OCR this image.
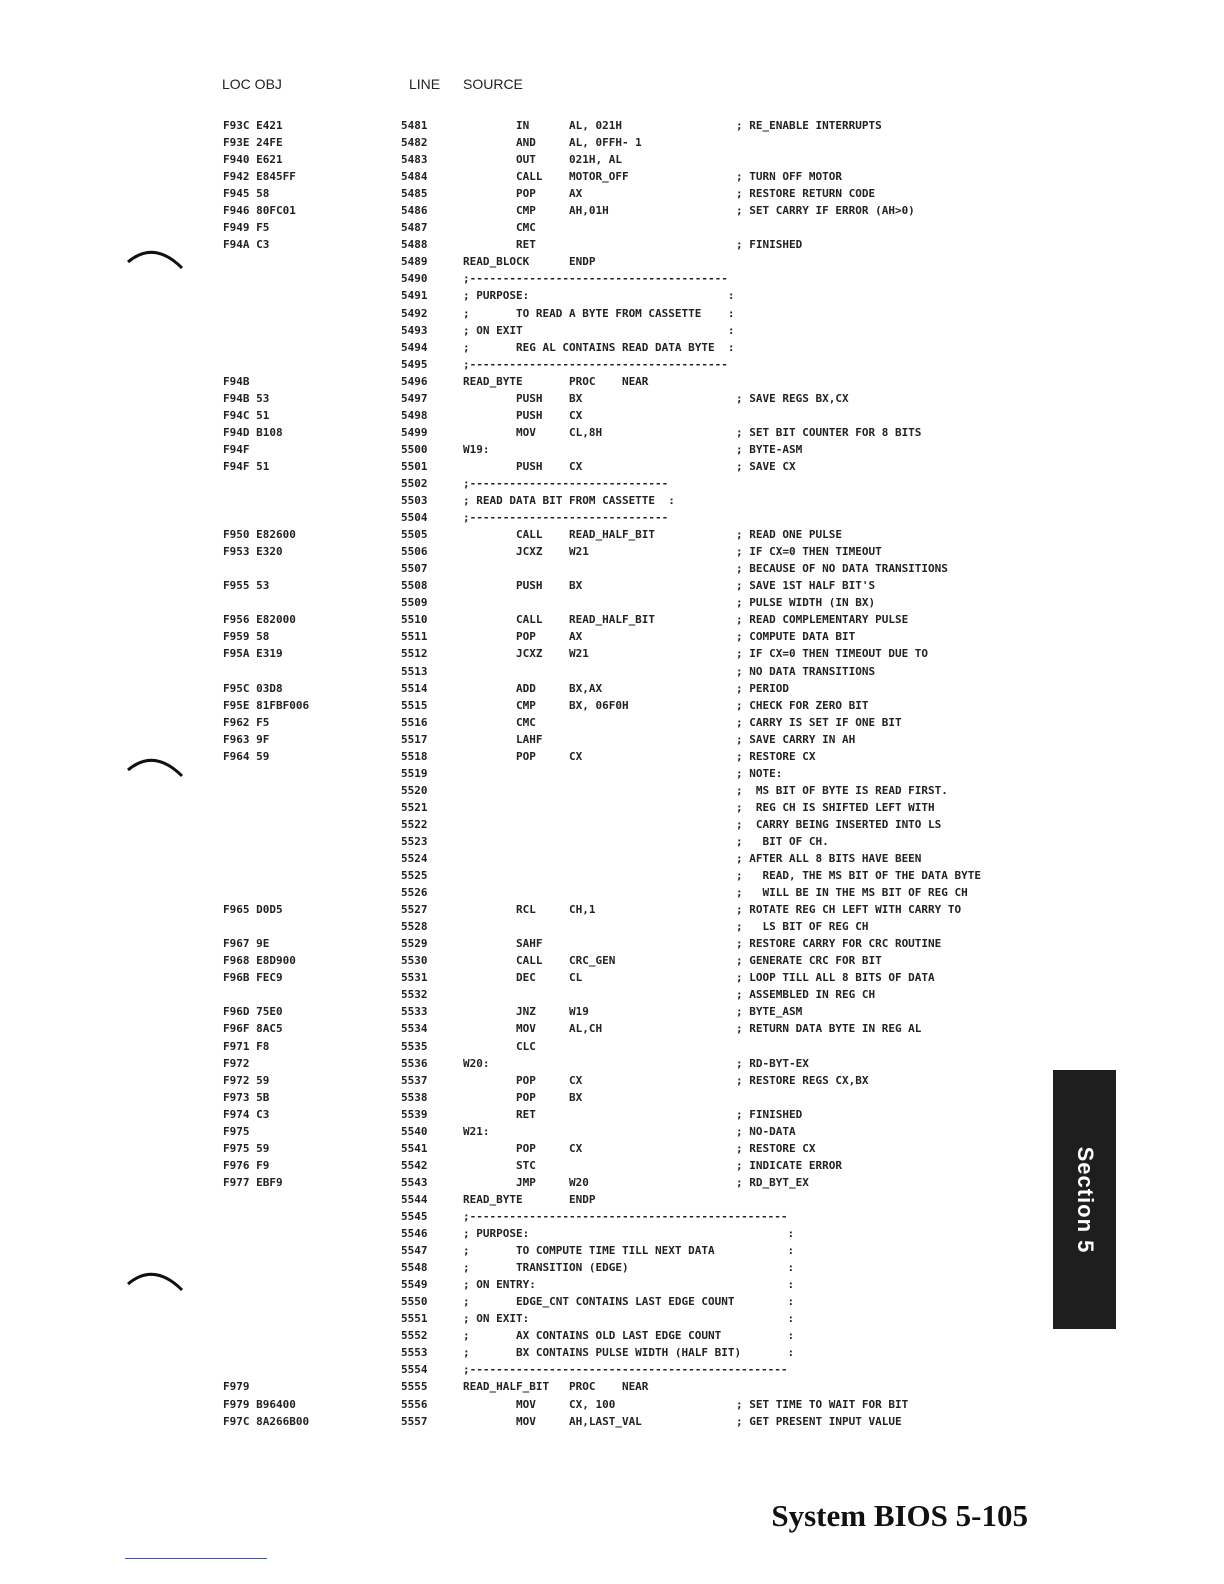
LOC OBJ	LINE SOURCE
F93C E421	5481	IN      AL, 021H	; RE_ENABLE INTERRUPTS
F93E 24FE	5482	AND     AL, 0FFH- 1
F940 E621	5483	OUT     021H, AL
F942 E845FF	5484	CALL    MOTOR_OFF	; TURN OFF MOTOR
F945 58	5485	POP     AX	; RESTORE RETURN CODE
F946 80FC01	5486	CMP     AH,01H	; SET CARRY IF ERROR (AH>0)
F949 F5	5487	CMC
F94A C3	5488	RET	; FINISHED
5489	READ_BLOCK      ENDP
5490	;---------------------------------------
5491	; PURPOSE:                              :
5492	;       TO READ A BYTE FROM CASSETTE    :
5493	; ON EXIT                               :
5494	;       REG AL CONTAINS READ DATA BYTE  :
5495	;---------------------------------------
F94B	5496	READ_BYTE       PROC    NEAR
F94B 53	5497	PUSH    BX	; SAVE REGS BX,CX
F94C 51	5498	PUSH    CX
F94D B108	5499	MOV     CL,8H	; SET BIT COUNTER FOR 8 BITS
F94F	5500	W19:	; BYTE-ASM
F94F 51	5501	PUSH    CX	; SAVE CX
5502	;------------------------------
5503	; READ DATA BIT FROM CASSETTE  :
5504	;------------------------------
F950 E82600	5505	CALL    READ_HALF_BIT	; READ ONE PULSE
F953 E320	5506	JCXZ    W21	; IF CX=0 THEN TIMEOUT
5507	; BECAUSE OF NO DATA TRANSITIONS
F955 53	5508	PUSH    BX	; SAVE 1ST HALF BIT'S
5509	; PULSE WIDTH (IN BX)
F956 E82000	5510	CALL    READ_HALF_BIT	; READ COMPLEMENTARY PULSE
F959 58	5511	POP     AX	; COMPUTE DATA BIT
F95A E319	5512	JCXZ    W21	; IF CX=0 THEN TIMEOUT DUE TO
5513	; NO DATA TRANSITIONS
F95C 03D8	5514	ADD     BX,AX	; PERIOD
F95E 81FBF006	5515	CMP     BX, 06F0H	; CHECK FOR ZERO BIT
F962 F5	5516	CMC	; CARRY IS SET IF ONE BIT
F963 9F	5517	LAHF	; SAVE CARRY IN AH
F964 59	5518	POP     CX	; RESTORE CX
5519	; NOTE:
5520	;  MS BIT OF BYTE IS READ FIRST.
5521	;  REG CH IS SHIFTED LEFT WITH
5522	;  CARRY BEING INSERTED INTO LS
5523	;   BIT OF CH.
5524	; AFTER ALL 8 BITS HAVE BEEN
5525	;   READ, THE MS BIT OF THE DATA BYTE
5526	;   WILL BE IN THE MS BIT OF REG CH
F965 D0D5	5527	RCL     CH,1	; ROTATE REG CH LEFT WITH CARRY TO
5528	;   LS BIT OF REG CH
F967 9E	5529	SAHF	; RESTORE CARRY FOR CRC ROUTINE
F968 E8D900	5530	CALL    CRC_GEN	; GENERATE CRC FOR BIT
F96B FEC9	5531	DEC     CL	; LOOP TILL ALL 8 BITS OF DATA
5532	; ASSEMBLED IN REG CH
F96D 75E0	5533	JNZ     W19	; BYTE_ASM
F96F 8AC5	5534	MOV     AL,CH	; RETURN DATA BYTE IN REG AL
F971 F8	5535	CLC
F972	5536	W20:	; RD-BYT-EX
F972 59	5537	POP     CX	; RESTORE REGS CX,BX
F973 5B	5538	POP     BX
F974 C3	5539	RET	; FINISHED
F975	5540	W21:	; NO-DATA
F975 59	5541	POP     CX	; RESTORE CX
F976 F9	5542	STC	; INDICATE ERROR
F977 EBF9	5543	JMP     W20	; RD_BYT_EX
5544	READ_BYTE       ENDP
5545	;------------------------------------------------
5546	; PURPOSE:                                       :
5547	;       TO COMPUTE TIME TILL NEXT DATA           :
5548	;       TRANSITION (EDGE)                        :
5549	; ON ENTRY:                                      :
5550	;       EDGE_CNT CONTAINS LAST EDGE COUNT        :
5551	; ON EXIT:                                       :
5552	;       AX CONTAINS OLD LAST EDGE COUNT          :
5553	;       BX CONTAINS PULSE WIDTH (HALF BIT)       :
5554	;------------------------------------------------
F979	5555	READ_HALF_BIT   PROC    NEAR
F979 B96400	5556	MOV     CX, 100	; SET TIME TO WAIT FOR BIT
F97C 8A266B00	5557	MOV     AH,LAST_VAL	; GET PRESENT INPUT VALUE
Section 5
System BIOS 5-105
